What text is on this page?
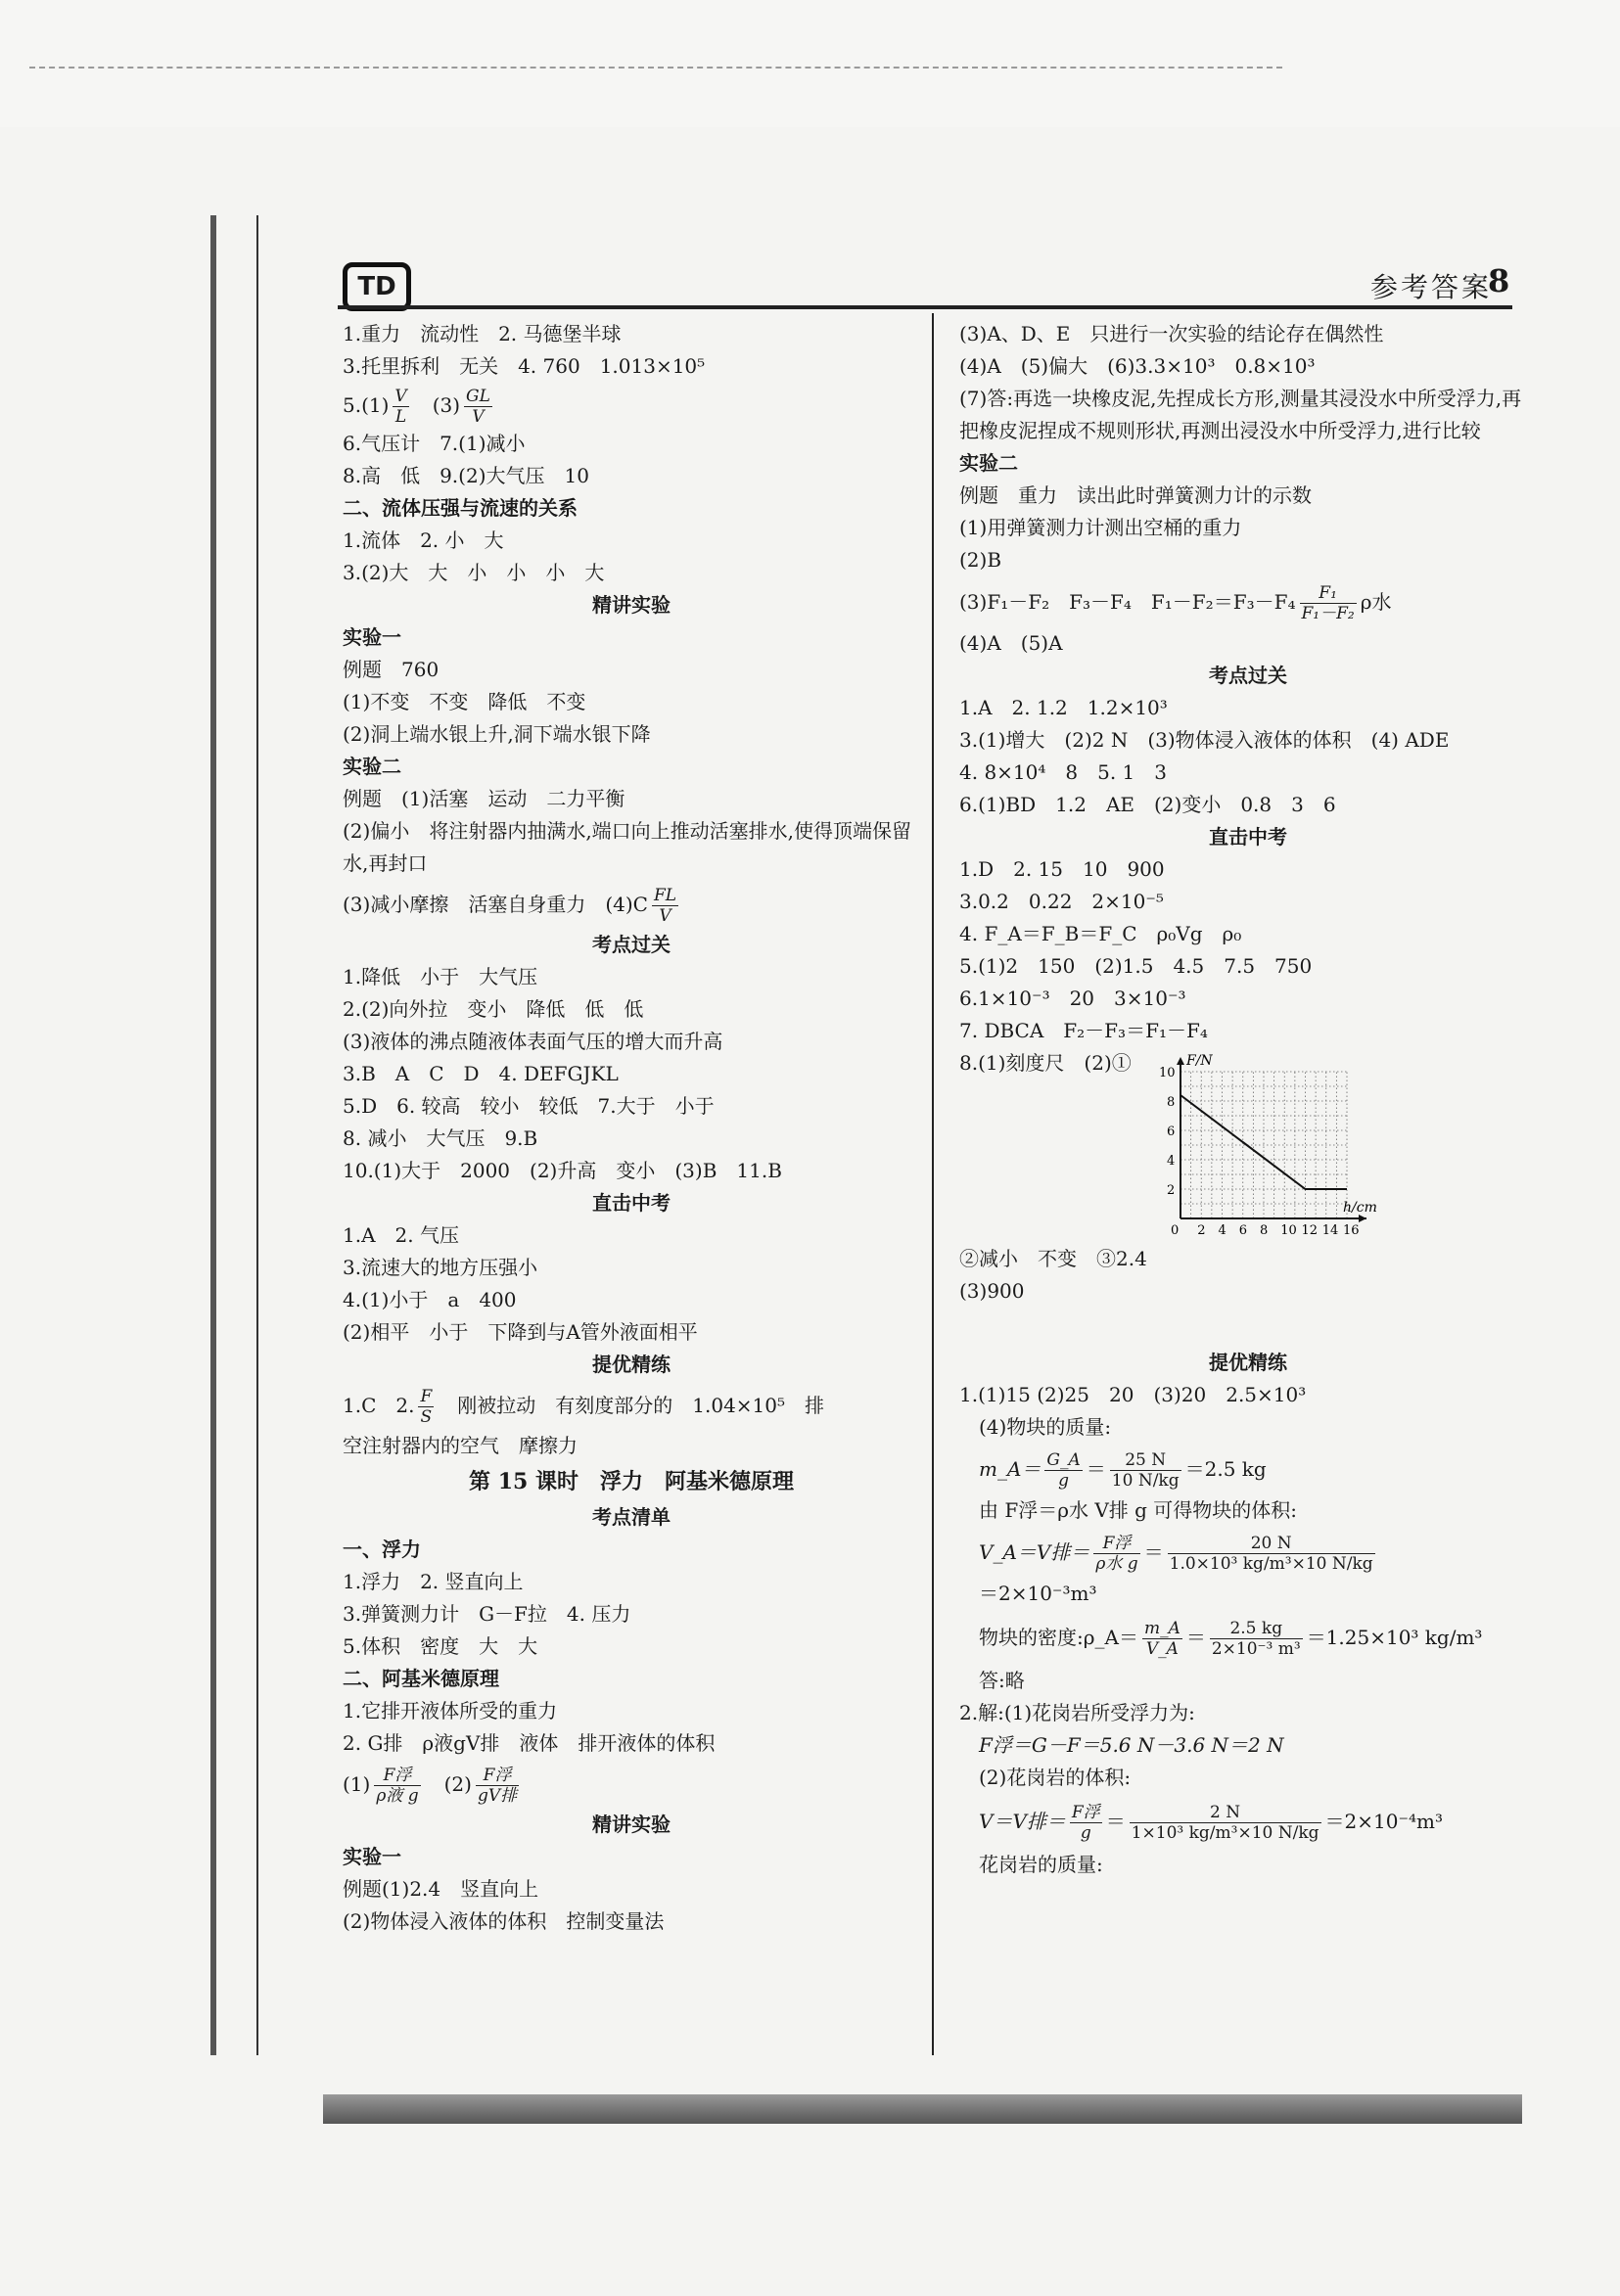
TD	参考答案
8
1.重力　流动性　2. 马德堡半球
3.托里拆利　无关　4. 760　1.013×10⁵
$5.(1) \frac{V}{L}$ 　$(3) \frac{GL}{V}$
6.气压计　7.(1)减小
8.高　低　9.(2)大气压　10
二、流体压强与流速的关系
1.流体　2. 小　大
3.(2)大　大　小　小　小　大
精讲实验
实验一
例题　760
(1)不变　不变　降低　不变
(2)洞上端水银上升,洞下端水银下降
实验二
例题　(1)活塞　运动　二力平衡
(2)偏小　将注射器内抽满水,端口向上推动活塞排水,使得顶端保留水,再封口
(3)减小摩擦　活塞自身重力　$(4)C \frac{FL}{V}$
考点过关
1.降低　小于　大气压
2.(2)向外拉　变小　降低　低　低
(3)液体的沸点随液体表面气压的增大而升高
3.B　A　C　D　4. DEFGJKL
5.D　6. 较高　较小　较低　7.大于　小于
8. 减小　大气压　9.B
10.(1)大于　2000　(2)升高　变小　(3)B　11.B
直击中考
1.A　2. 气压
3.流速大的地方压强小
4.(1)小于　a　400
(2)相平　小于　下降到与A管外液面相平
提优精练
1.C　2. $\frac{F}{S}$ 　刚被拉动　有刻度部分的　1.04×10⁵　排
空注射器内的空气　摩擦力
第 15 课时　浮力　阿基米德原理
考点清单
一、浮力
1.浮力　2. 竖直向上
3.弹簧测力计　G－F拉　4. 压力
5.体积　密度　大　大
二、阿基米德原理
1.它排开液体所受的重力
2. G排　ρ液gV排　液体　排开液体的体积
$(1) \frac{\text{F浮}}{\text{ρ液 g}}$ 　$(2) \frac{\text{F浮}}{\text{gV排}}$
精讲实验
实验一
例题(1)2.4　竖直向上
(2)物体浸入液体的体积　控制变量法
(3)A、D、E　只进行一次实验的结论存在偶然性
(4)A　(5)偏大　(6)3.3×10³　0.8×10³
(7)答:再选一块橡皮泥,先捏成长方形,测量其浸没水中所受浮力,再把橡皮泥捏成不规则形状,再测出浸没水中所受浮力,进行比较
实验二
例题　重力　读出此时弹簧测力计的示数
(1)用弹簧测力计测出空桶的重力
(2)B
(3)F₁－F₂　F₃－F₄　$F_1-F_2=F_3-F_4 \frac{\text{F₁}}{\text{F₁－F₂}}$ ρ水
(4)A　(5)A
考点过关
1.A　2. 1.2　1.2×10³
3.(1)增大　(2)2 N　(3)物体浸入液体的体积　(4) ADE
4. 8×10⁴　8　5. 1　3
6.(1)BD　1.2　AE　(2)变小　0.8　3　6
直击中考
1.D　2. 15　10　900
3.0.2　0.22　2×10⁻⁵
4. F_A＝F_B＝F_C　ρ₀Vg　ρ₀
5.(1)2　150　(2)1.5　4.5　7.5　750
6.1×10⁻³　20　3×10⁻³
7. DBCA　F₂－F₃＝F₁－F₄
8.(1)刻度尺　(2)①
0 2 4 6 8 10 12 14 16
2
4
6
8
10
F/N
h/cm
②减小　不变　③2.4
(3)900
提优精练
1.(1)15 (2)25　20　(3)20　2.5×10³
(4)物块的质量:
m_A＝ $\frac{G\_A}{g} = \frac{25 N}{10 N/kg} =2.5$ kg
由 F浮＝ρ水 V排 g 可得物块的体积:
V_A＝V排＝ $\frac{\text{F浮}}{\text{ρ水 g}} = \frac{20 N}{\text{1.0×10³ kg/m³×10 N/kg}}$
＝2×10⁻³m³
物块的密度:ρ_A＝ $\frac{m\_A}{V\_A} = \frac{2.5 kg}{\text{2×10⁻³ m³}} =1.25\times 10^3$ kg/m³
答:略
2.解:(1)花岗岩所受浮力为:
F浮＝G－F＝5.6 N－3.6 N＝2 N
(2)花岗岩的体积:
V＝V排＝ $\frac{\text{F浮}}{g} = \frac{2 N}{\text{1×10³ kg/m³×10 N/kg}} =2\times 10^{-4}m^3$
花岗岩的质量:
